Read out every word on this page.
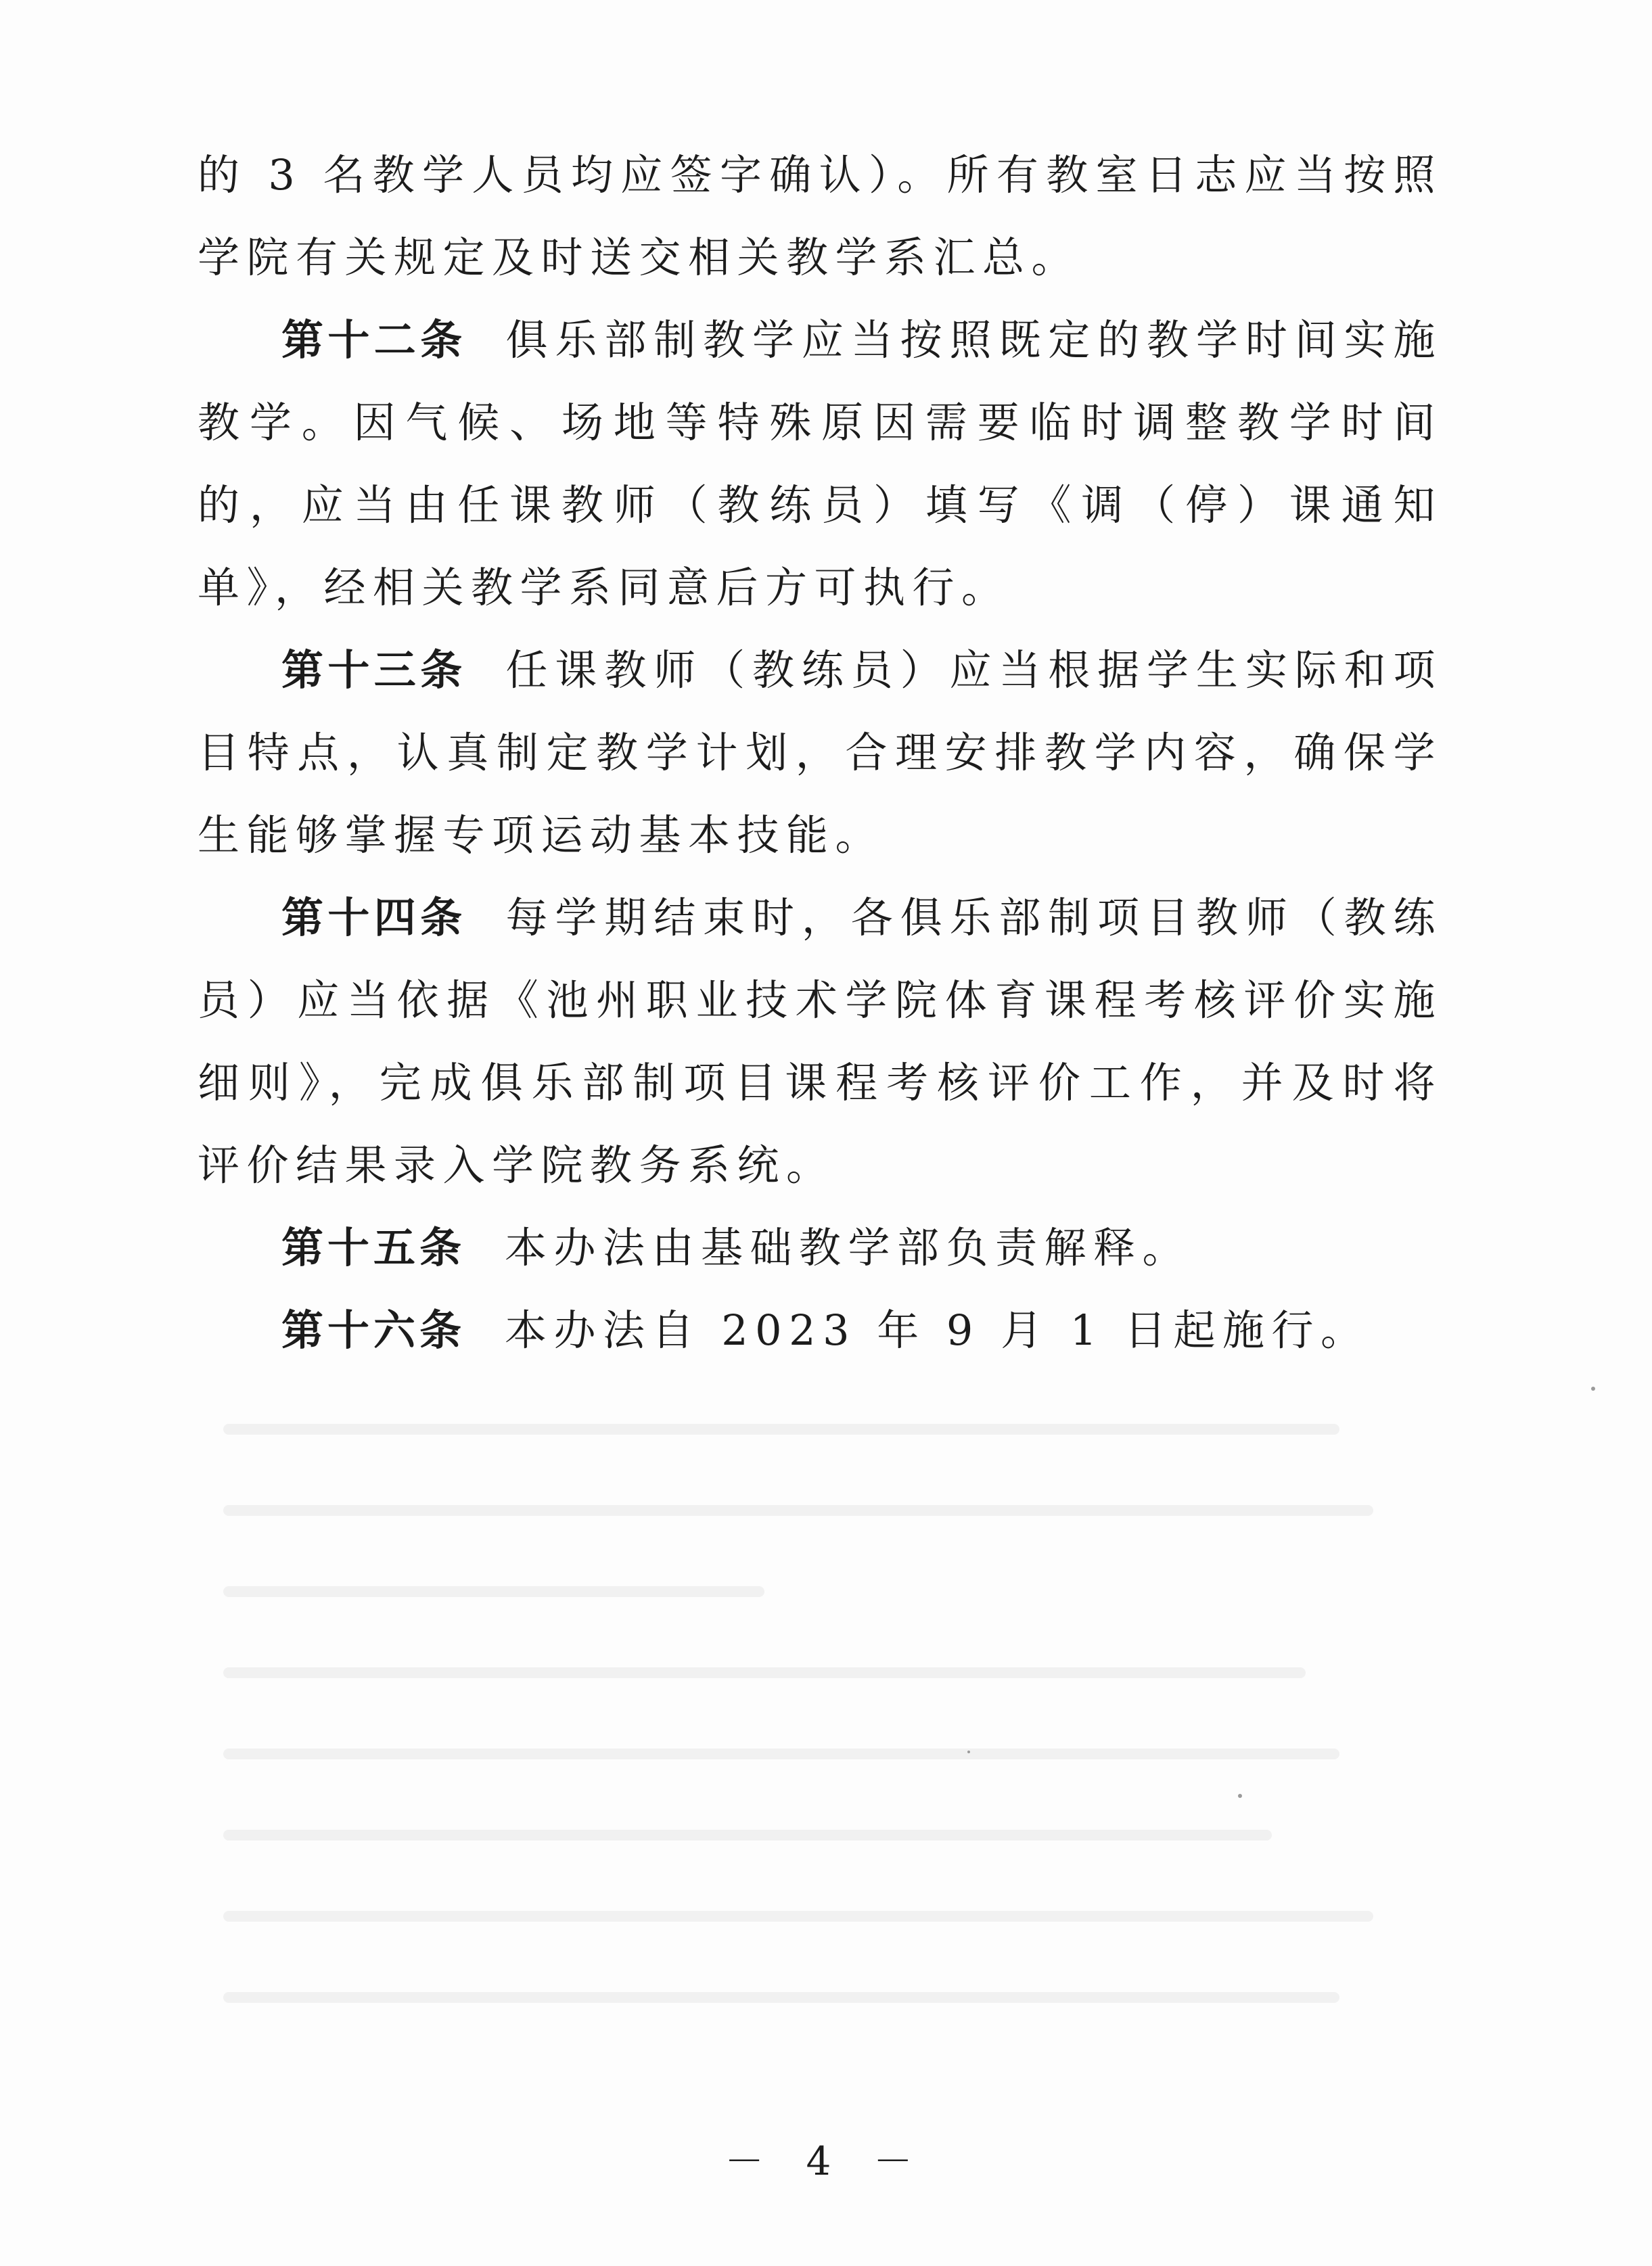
的 3 名教学人员均应签字确认）。所有教室日志应当按照学院有关规定及时送交相关教学系汇总。

第十二条 俱乐部制教学应当按照既定的教学时间实施教学。因气候、场地等特殊原因需要临时调整教学时间的，应当由任课教师（教练员）填写《调（停）课通知单》，经相关教学系同意后方可执行。

第十三条 任课教师（教练员）应当根据学生实际和项目特点，认真制定教学计划，合理安排教学内容，确保学生能够掌握专项运动基本技能。

第十四条 每学期结束时，各俱乐部制项目教师（教练员）应当依据《池州职业技术学院体育课程考核评价实施细则》，完成俱乐部制项目课程考核评价工作，并及时将评价结果录入学院教务系统。

第十五条 本办法由基础教学部负责解释。

第十六条 本办法自 2023 年 9 月 1 日起施行。

－ 4 －
